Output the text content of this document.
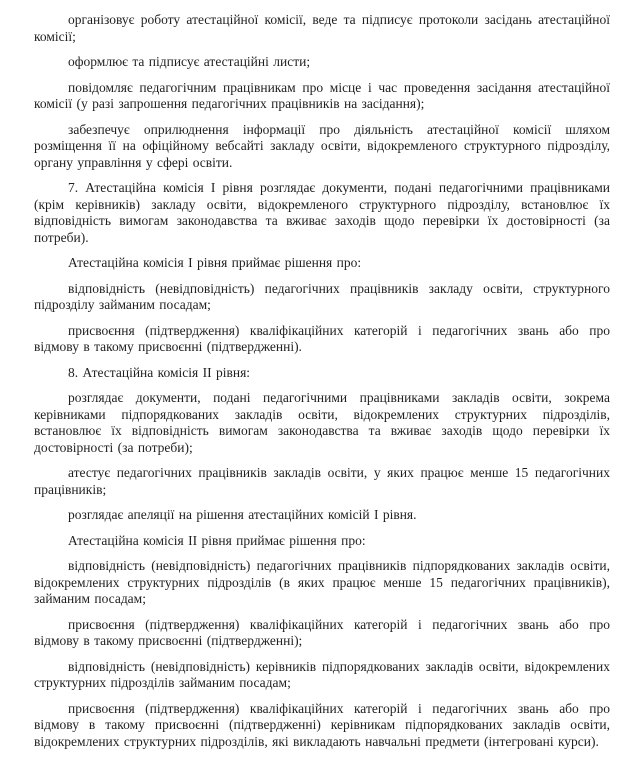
організовує роботу атестаційної комісії, веде та підписує протоколи засідань атестаційної комісії;

оформлює та підписує атестаційні листи;

повідомляє педагогічним працівникам про місце і час проведення засідання атестаційної комісії (у разі запрошення педагогічних працівників на засідання);

забезпечує оприлюднення інформації про діяльність атестаційної комісії шляхом розміщення її на офіційному вебсайті закладу освіти, відокремленого структурного підрозділу, органу управління у сфері освіти.

7. Атестаційна комісія І рівня розглядає документи, подані педагогічними працівниками (крім керівників) закладу освіти, відокремленого структурного підрозділу, встановлює їх відповідність вимогам законодавства та вживає заходів щодо перевірки їх достовірності (за потреби).

Атестаційна комісія І рівня приймає рішення про:

відповідність (невідповідність) педагогічних працівників закладу освіти, структурного підрозділу займаним посадам;

присвоєння (підтвердження) кваліфікаційних категорій і педагогічних звань або про відмову в такому присвоєнні (підтвердженні).

8. Атестаційна комісія ІІ рівня:

розглядає документи, подані педагогічними працівниками закладів освіти, зокрема керівниками підпорядкованих закладів освіти, відокремлених структурних підрозділів, встановлює їх відповідність вимогам законодавства та вживає заходів щодо перевірки їх достовірності (за потреби);

атестує педагогічних працівників закладів освіти, у яких працює менше 15 педагогічних працівників;

розглядає апеляції на рішення атестаційних комісій І рівня.

Атестаційна комісія ІІ рівня приймає рішення про:

відповідність (невідповідність) педагогічних працівників підпорядкованих закладів освіти, відокремлених структурних підрозділів (в яких працює менше 15 педагогічних працівників), займаним посадам;

присвоєння (підтвердження) кваліфікаційних категорій і педагогічних звань або про відмову в такому присвоєнні (підтвердженні);

відповідність (невідповідність) керівників підпорядкованих закладів освіти, відокремлених структурних підрозділів займаним посадам;

присвоєння (підтвердження) кваліфікаційних категорій і педагогічних звань або про відмову в такому присвоєнні (підтвердженні) керівникам підпорядкованих закладів освіти, відокремлених структурних підрозділів, які викладають навчальні предмети (інтегровані курси).
